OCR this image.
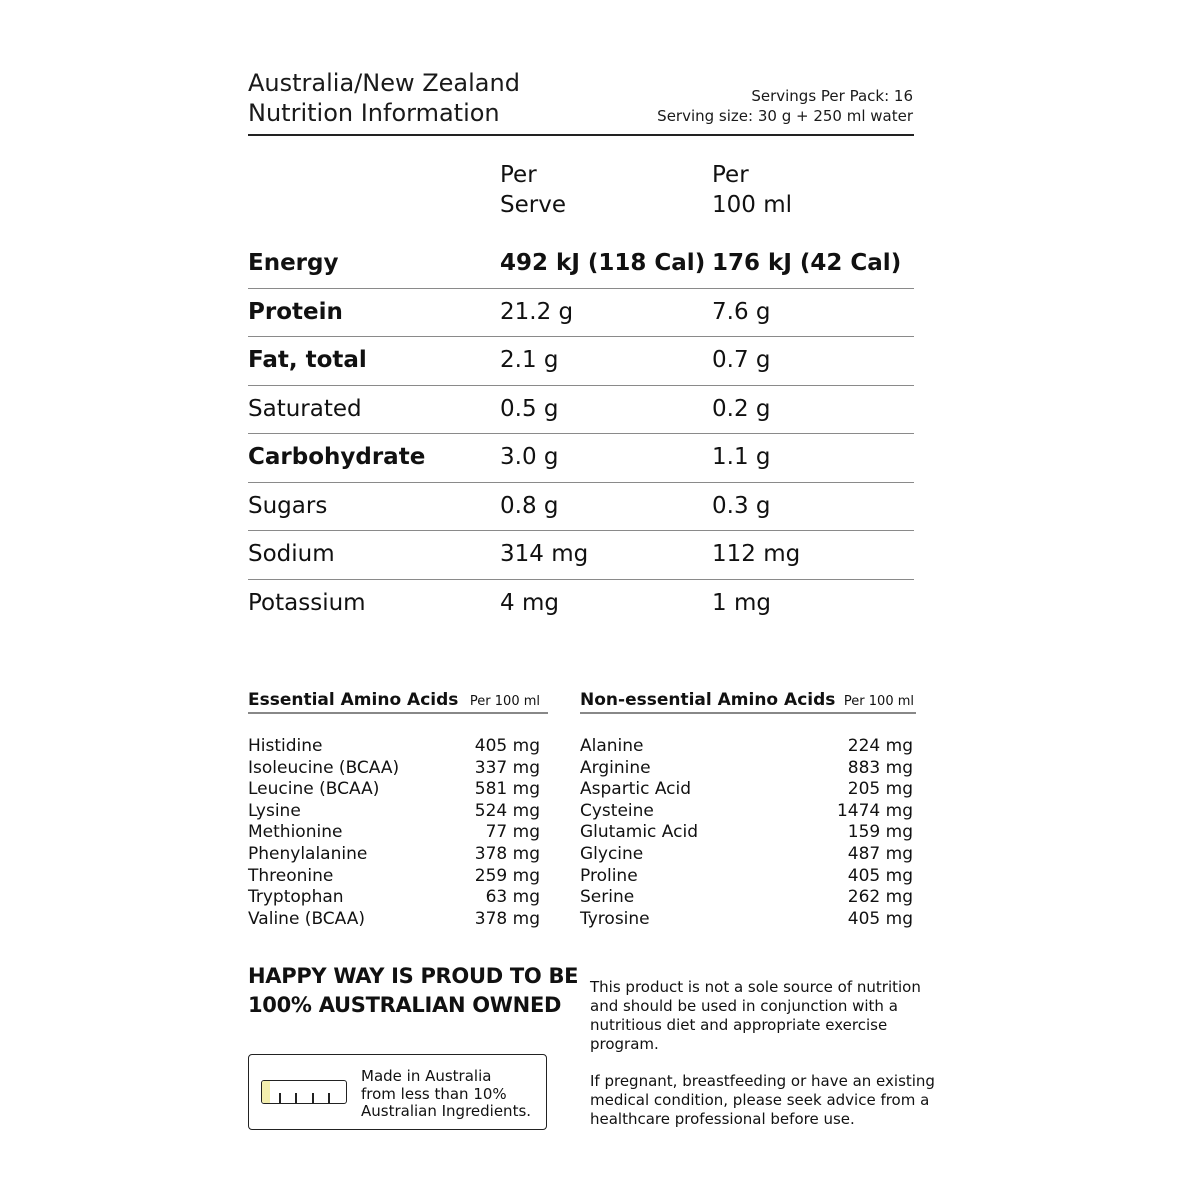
Australia/New Zealand
Nutrition Information
Servings Per Pack: 16
Serving size: 30 g + 250 ml water
Per
Serve
Per
100 ml
Energy	492 kJ (118 Cal) 176 kJ (42 Cal)
Protein	21.2 g	7.6 g
Fat, total	2.1 g	0.7 g
Saturated	0.5 g	0.2 g
Carbohydrate	3.0 g	1.1 g
Sugars	0.8 g	0.3 g
Sodium	314 mg	112 mg
Potassium	4 mg	1 mg
Essential Amino Acids Per 100 ml
Histidine	405 mg
Isoleucine (BCAA)	337 mg
Leucine (BCAA)	581 mg
Lysine	524 mg
Methionine	77 mg
Phenylalanine	378 mg
Threonine	259 mg
Tryptophan	63 mg
Valine (BCAA)	378 mg
Non-essential Amino Acids Per 100 ml
Alanine	224 mg
Arginine	883 mg
Aspartic Acid	205 mg
Cysteine	1474 mg
Glutamic Acid	159 mg
Glycine	487 mg
Proline	405 mg
Serine	262 mg
Tyrosine	405 mg
HAPPY WAY IS PROUD TO BE
100% AUSTRALIAN OWNED
Made in Australia
from less than 10%
Australian Ingredients.
This product is not a sole source of nutrition
and should be used in conjunction with a
nutritious diet and appropriate exercise
program.
If pregnant, breastfeeding or have an existing
medical condition, please seek advice from a
healthcare professional before use.
